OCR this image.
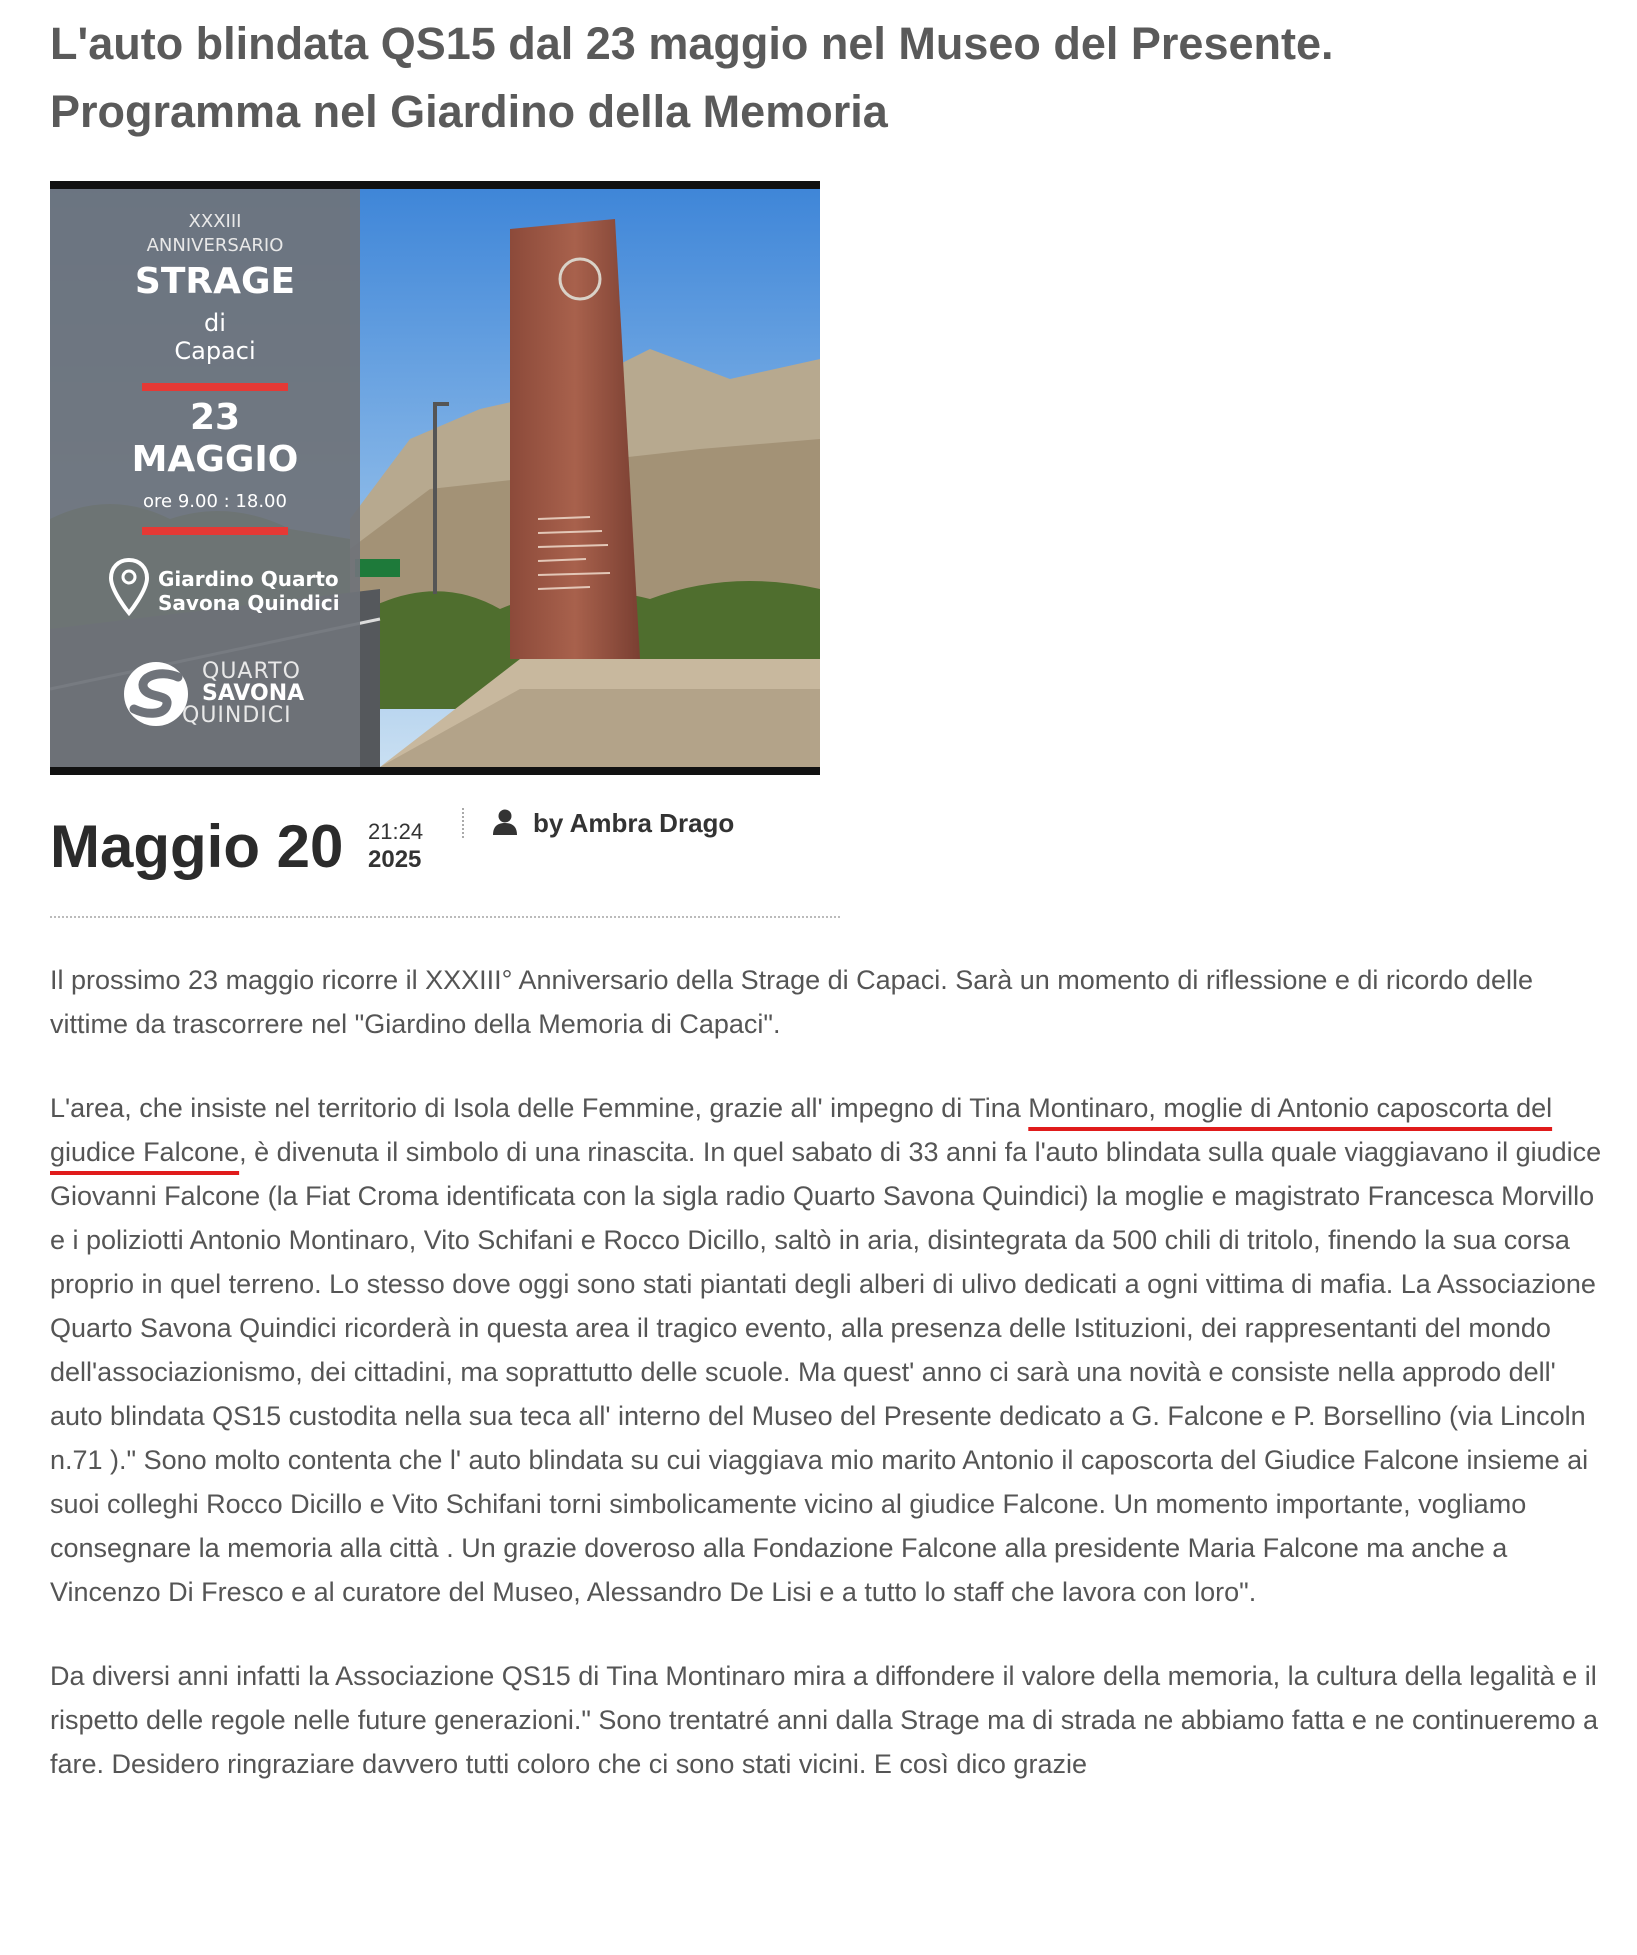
L'auto blindata QS15 dal 23 maggio nel Museo del Presente.
Programma nel Giardino della Memoria
XXXIII
ANNIVERSARIO
STRAGE
di
Capaci
23
MAGGIO
ore 9.00 : 18.00
Giardino Quarto
Savona Quindici
QUARTO
SAVONA
QUINDICI
Maggio 20 21:24
2025
by Ambra Drago

Il prossimo 23 maggio ricorre il XXXIII° Anniversario della Strage di Capaci. Sarà un momento di riflessione e di ricordo delle vittime da trascorrere nel "Giardino della Memoria di Capaci".

L'area, che insiste nel territorio di Isola delle Femmine, grazie all' impegno di Tina Montinaro, moglie di Antonio caposcorta del giudice Falcone, è divenuta il simbolo di una rinascita. In quel sabato di 33 anni fa l'auto blindata sulla quale viaggiavano il giudice Giovanni Falcone (la Fiat Croma identificata con la sigla radio Quarto Savona Quindici) la moglie e magistrato Francesca Morvillo e i poliziotti Antonio Montinaro, Vito Schifani e Rocco Dicillo, saltò in aria, disintegrata da 500 chili di tritolo, finendo la sua corsa proprio in quel terreno. Lo stesso dove oggi sono stati piantati degli alberi di ulivo dedicati a ogni vittima di mafia. La Associazione Quarto Savona Quindici ricorderà in questa area il tragico evento, alla presenza delle Istituzioni, dei rappresentanti del mondo dell'associazionismo, dei cittadini, ma soprattutto delle scuole. Ma quest' anno ci sarà una novità e consiste nella approdo dell' auto blindata QS15 custodita nella sua teca all' interno del Museo del Presente dedicato a G. Falcone e P. Borsellino (via Lincoln n.71 )." Sono molto contenta che l' auto blindata su cui viaggiava mio marito Antonio il caposcorta del Giudice Falcone insieme ai suoi colleghi Rocco Dicillo e Vito Schifani torni simbolicamente vicino al giudice Falcone. Un momento importante, vogliamo consegnare la memoria alla città . Un grazie doveroso alla Fondazione Falcone alla presidente Maria Falcone ma anche a Vincenzo Di Fresco e al curatore del Museo, Alessandro De Lisi e a tutto lo staff che lavora con loro".

Da diversi anni infatti la Associazione QS15 di Tina Montinaro mira a diffondere il valore della memoria, la cultura della legalità e il rispetto delle regole nelle future generazioni." Sono trentatré anni dalla Strage ma di strada ne abbiamo fatta e ne continueremo a fare. Desidero ringraziare davvero tutti coloro che ci sono stati vicini. E così dico grazie
